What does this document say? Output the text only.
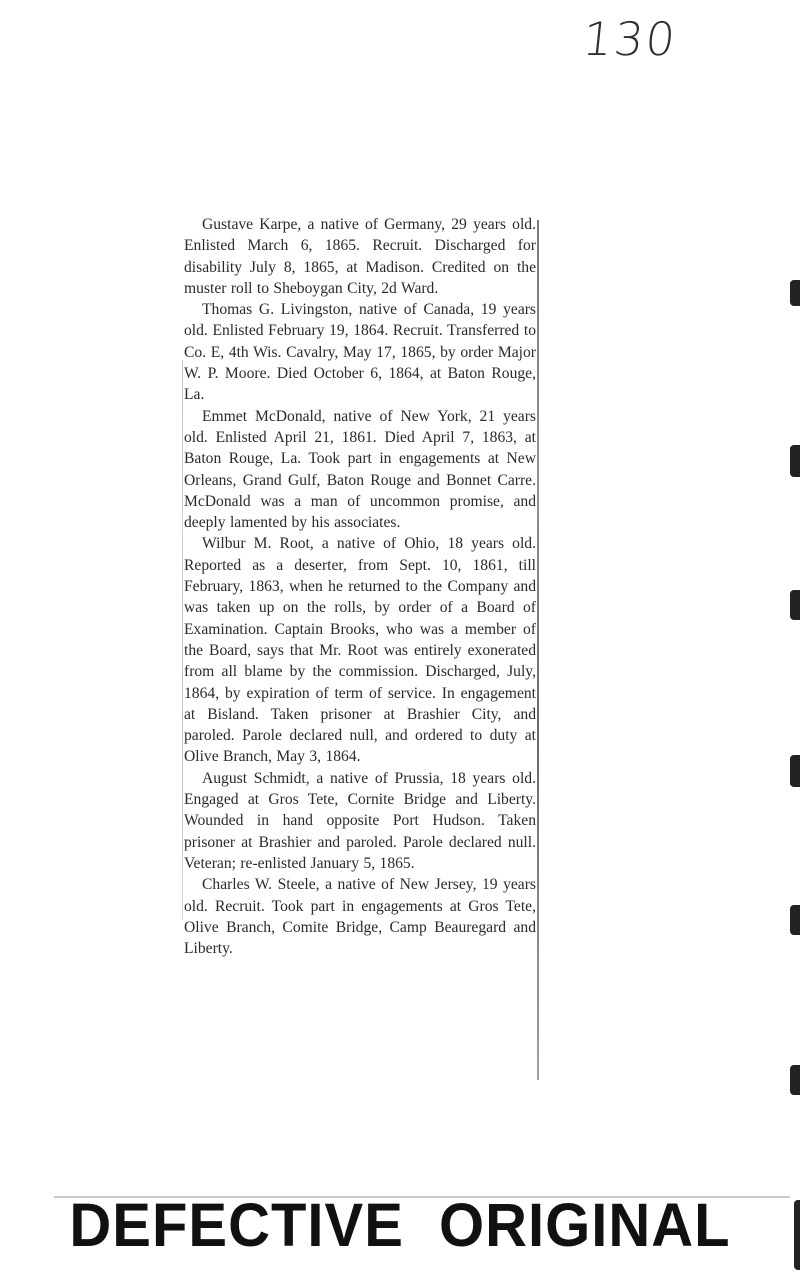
130

Gustave Karpe, a native of Germany, 29 years old. Enlisted March 6, 1865. Recruit. Discharged for disability July 8, 1865, at Madison. Credited on the muster roll to Sheboygan City, 2d Ward.

Thomas G. Livingston, native of Canada, 19 years old. Enlisted February 19, 1864. Recruit. Transferred to Co. E, 4th Wis. Cavalry, May 17, 1865, by order Major W. P. Moore. Died October 6, 1864, at Baton Rouge, La.

Emmet McDonald, native of New York, 21 years old. Enlisted April 21, 1861. Died April 7, 1863, at Baton Rouge, La. Took part in engagements at New Orleans, Grand Gulf, Baton Rouge and Bonnet Carre. McDonald was a man of uncommon promise, and deeply lamented by his associates.

Wilbur M. Root, a native of Ohio, 18 years old. Reported as a deserter, from Sept. 10, 1861, till February, 1863, when he returned to the Company and was taken up on the rolls, by order of a Board of Examination. Captain Brooks, who was a member of the Board, says that Mr. Root was entirely exonerated from all blame by the commission. Discharged, July, 1864, by expiration of term of service. In engagement at Bisland. Taken prisoner at Brashier City, and paroled. Parole declared null, and ordered to duty at Olive Branch, May 3, 1864.

August Schmidt, a native of Prussia, 18 years old. Engaged at Gros Tete, Cornite Bridge and Liberty. Wounded in hand opposite Port Hudson. Taken prisoner at Brashier and paroled. Parole declared null. Veteran; re-enlisted January 5, 1865.

Charles W. Steele, a native of New Jersey, 19 years old. Recruit. Took part in engagements at Gros Tete, Olive Branch, Comite Bridge, Camp Beauregard and Liberty.

DEFECTIVE ORIGINAL
